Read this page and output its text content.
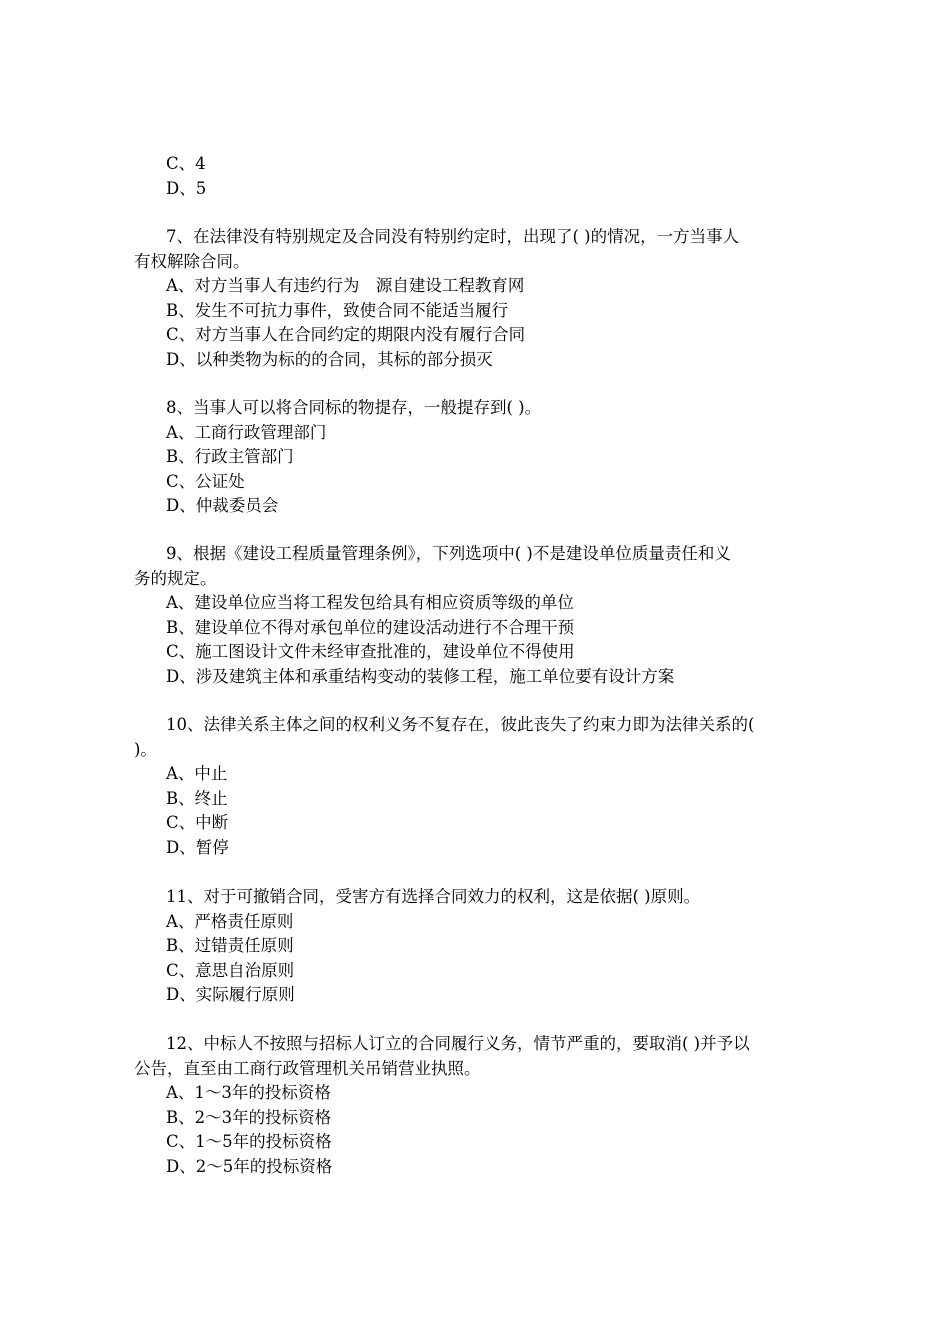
C、4
D、5
7、在法律没有特别规定及合同没有特别约定时，出现了( )的情况，一方当事人
有权解除合同。
A、对方当事人有违约行为　源自建设工程教育网
B、发生不可抗力事件，致使合同不能适当履行
C、对方当事人在合同约定的期限内没有履行合同
D、以种类物为标的的合同，其标的部分损灭
8、当事人可以将合同标的物提存，一般提存到( )。
A、工商行政管理部门
B、行政主管部门
C、公证处
D、仲裁委员会
9、根据《建设工程质量管理条例》，下列选项中( )不是建设单位质量责任和义
务的规定。
A、建设单位应当将工程发包给具有相应资质等级的单位
B、建设单位不得对承包单位的建设活动进行不合理干预
C、施工图设计文件未经审查批准的，建设单位不得使用
D、涉及建筑主体和承重结构变动的装修工程，施工单位要有设计方案
10、法律关系主体之间的权利义务不复存在，彼此丧失了约束力即为法律关系的(
)。
A、中止
B、终止
C、中断
D、暂停
11、对于可撤销合同，受害方有选择合同效力的权利，这是依据( )原则。
A、严格责任原则
B、过错责任原则
C、意思自治原则
D、实际履行原则
12、中标人不按照与招标人订立的合同履行义务，情节严重的，要取消( )并予以
公告，直至由工商行政管理机关吊销营业执照。
A、1～3年的投标资格
B、2～3年的投标资格
C、1～5年的投标资格
D、2～5年的投标资格
